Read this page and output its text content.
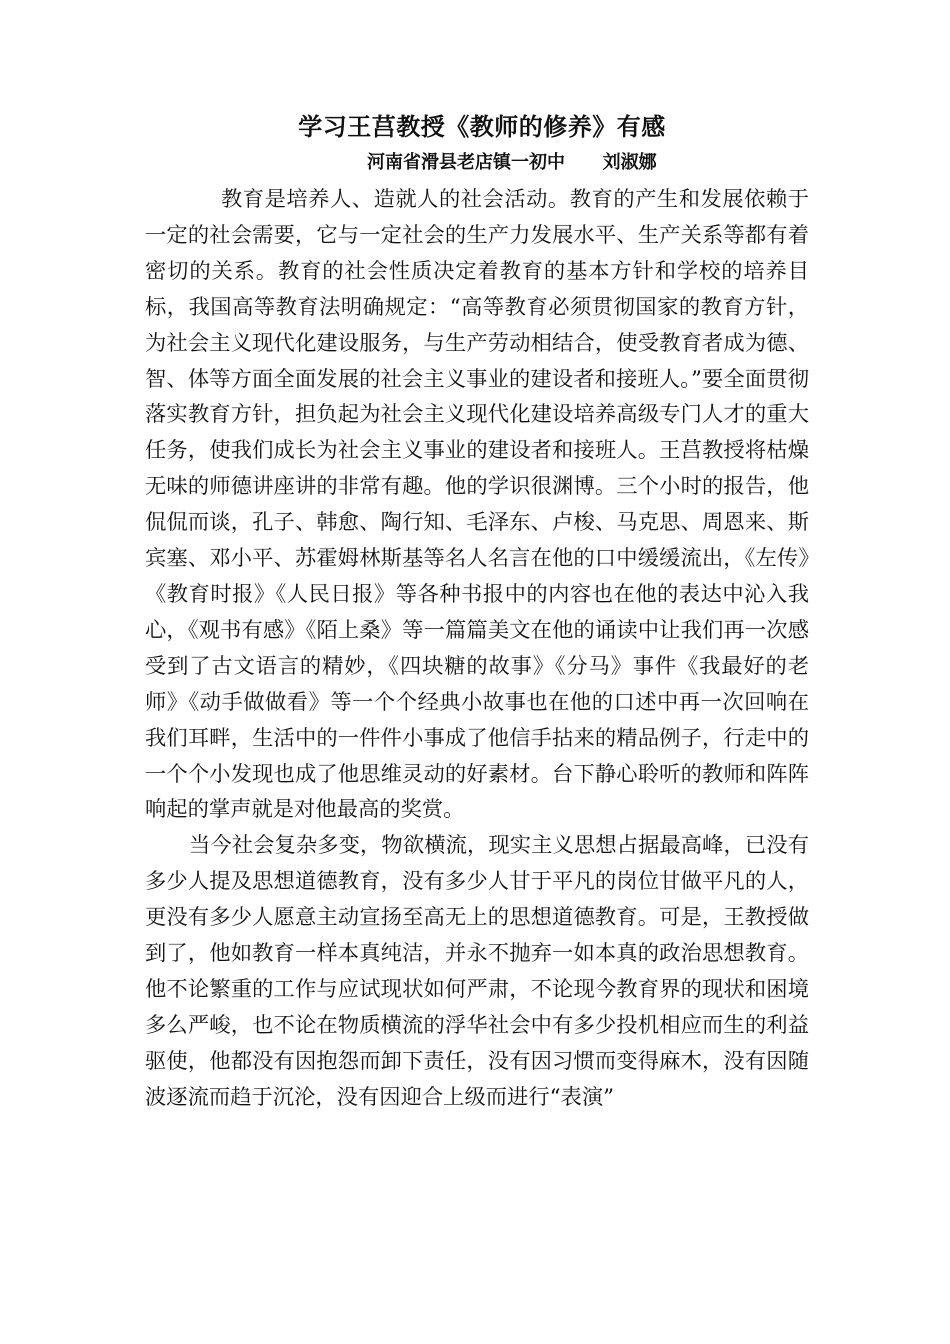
学习王莒教授《教师的修养》有感
河南省滑县老店镇一初中      刘淑娜

教育是培养人、造就人的社会活动。教育的产生和发展依赖于一定的社会需要，它与一定社会的生产力发展水平、生产关系等都有着密切的关系。教育的社会性质决定着教育的基本方针和学校的培养目标，我国高等教育法明确规定：“高等教育必须贯彻国家的教育方针，为社会主义现代化建设服务，与生产劳动相结合，使受教育者成为德、智、体等方面全面发展的社会主义事业的建设者和接班人。”要全面贯彻落实教育方针，担负起为社会主义现代化建设培养高级专门人才的重大任务，使我们成长为社会主义事业的建设者和接班人。王莒教授将枯燥无味的师德讲座讲的非常有趣。他的学识很渊博。三个小时的报告，他侃侃而谈，孔子、韩愈、陶行知、毛泽东、卢梭、马克思、周恩来、斯宾塞、邓小平、苏霍姆林斯基等名人名言在他的口中缓缓流出，《左传》《教育时报》《人民日报》等各种书报中的内容也在他的表达中沁入我心，《观书有感》《陌上桑》等一篇篇美文在他的诵读中让我们再一次感受到了古文语言的精妙，《四块糖的故事》《分马》事件《我最好的老师》《动手做做看》等一个个经典小故事也在他的口述中再一次回响在我们耳畔，生活中的一件件小事成了他信手拈来的精品例子，行走中的一个个小发现也成了他思维灵动的好素材。台下静心聆听的教师和阵阵响起的掌声就是对他最高的奖赏。

当今社会复杂多变，物欲横流，现实主义思想占据最高峰，已没有多少人提及思想道德教育，没有多少人甘于平凡的岗位甘做平凡的人，更没有多少人愿意主动宣扬至高无上的思想道德教育。可是，王教授做到了，他如教育一样本真纯洁，并永不抛弃一如本真的政治思想教育。他不论繁重的工作与应试现状如何严肃，不论现今教育界的现状和困境多么严峻，也不论在物质横流的浮华社会中有多少投机相应而生的利益驱使，他都没有因抱怨而卸下责任，没有因习惯而变得麻木，没有因随波逐流而趋于沉沦，没有因迎合上级而进行“表演”
